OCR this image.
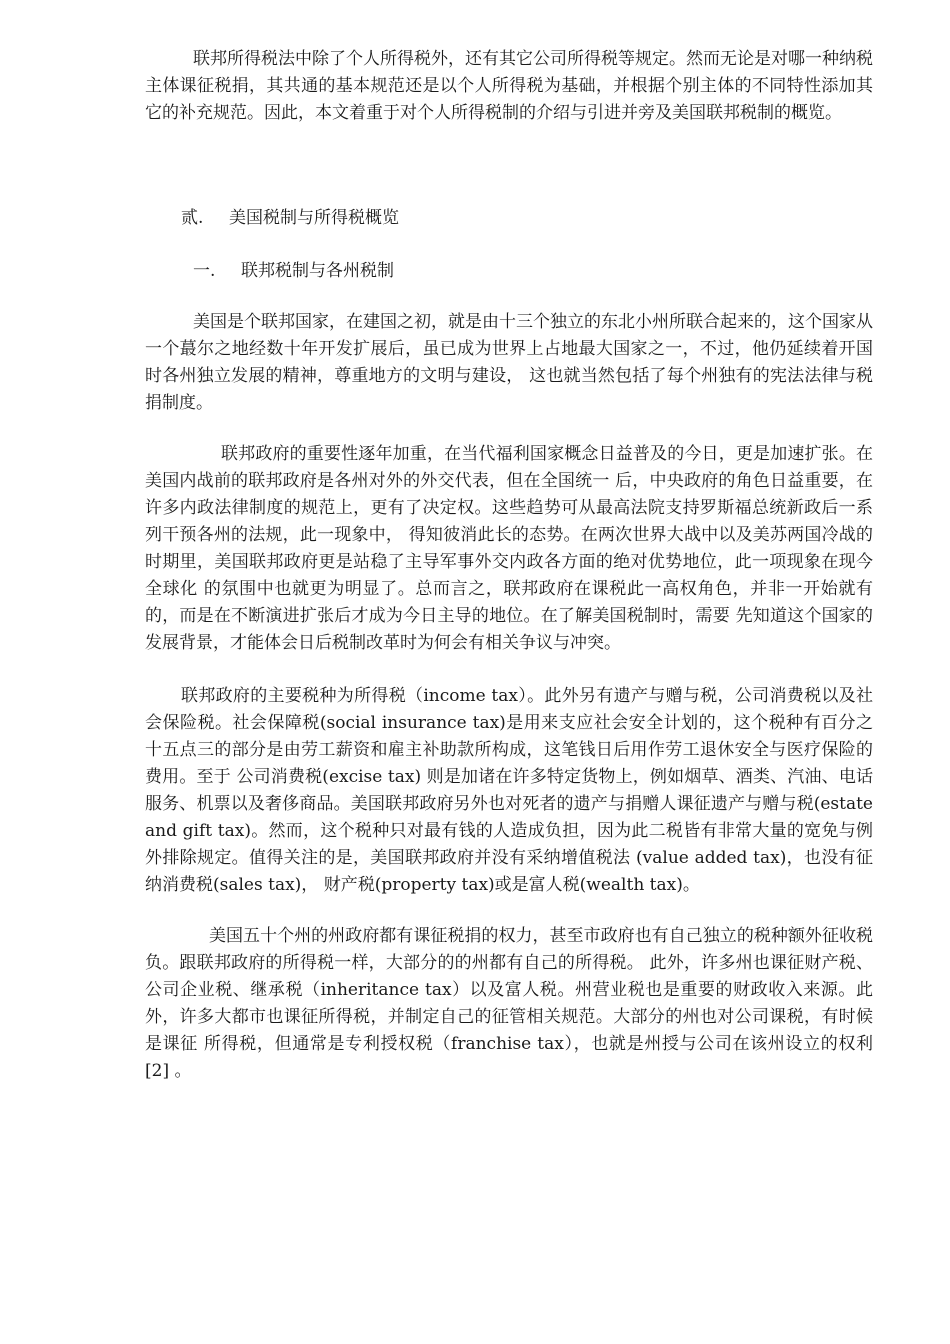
联邦所得税法中除了个人所得税外，还有其它公司所得税等规定。然而无论是对哪一种纳税主体课征税捐，其共通的基本规范还是以个人所得税为基础，并根据个别主体的不同特性添加其它的补充规范。因此，本文着重于对个人所得税制的介绍与引进并旁及美国联邦税制的概览。

贰. 美国税制与所得税概览

一. 联邦税制与各州税制

美国是个联邦国家，在建国之初，就是由十三个独立的东北小州所联合起来的，这个国家从一个蕞尔之地经数十年开发扩展后，虽已成为世界上占地最大国家之一，不过，他仍延续着开国时各州独立发展的精神，尊重地方的文明与建设， 这也就当然包括了每个州独有的宪法法律与税捐制度。

联邦政府的重要性逐年加重，在当代福利国家概念日益普及的今日，更是加速扩张。在美国内战前的联邦政府是各州对外的外交代表，但在全国统一 后，中央政府的角色日益重要，在许多内政法律制度的规范上，更有了决定权。这些趋势可从最高法院支持罗斯福总统新政后一系列干预各州的法规，此一现象中， 得知彼消此长的态势。在两次世界大战中以及美苏两国冷战的时期里，美国联邦政府更是站稳了主导军事外交内政各方面的绝对优势地位，此一项现象在现今全球化 的氛围中也就更为明显了。总而言之，联邦政府在课税此一高权角色，并非一开始就有的，而是在不断演进扩张后才成为今日主导的地位。在了解美国税制时，需要 先知道这个国家的发展背景，才能体会日后税制改革时为何会有相关争议与冲突。

联邦政府的主要税种为所得税（income tax）。此外另有遗产与赠与税，公司消费税以及社会保险税。社会保障税(social insurance tax)是用来支应社会安全计划的，这个税种有百分之十五点三的部分是由劳工薪资和雇主补助款所构成，这笔钱日后用作劳工退休安全与医疗保险的费用。至于 公司消费税(excise tax) 则是加诸在许多特定货物上，例如烟草、酒类、汽油、电话服务、机票以及奢侈商品。美国联邦政府另外也对死者的遗产与捐赠人课征遗产与赠与税(estate and gift tax)。然而，这个税种只对最有钱的人造成负担，因为此二税皆有非常大量的宽免与例外排除规定。值得关注的是，美国联邦政府并没有采纳增值税法 (value added tax)，也没有征纳消费税(sales tax)， 财产税(property tax)或是富人税(wealth tax)。

美国五十个州的州政府都有课征税捐的权力，甚至市政府也有自己独立的税种额外征收税负。跟联邦政府的所得税一样，大部分的的州都有自己的所得税。 此外，许多州也课征财产税、公司企业税、继承税（inheritance tax）以及富人税。州营业税也是重要的财政收入来源。此外，许多大都市也课征所得税，并制定自己的征管相关规范。大部分的州也对公司课税，有时候是课征 所得税，但通常是专利授权税（franchise tax），也就是州授与公司在该州设立的权利[2] 。
